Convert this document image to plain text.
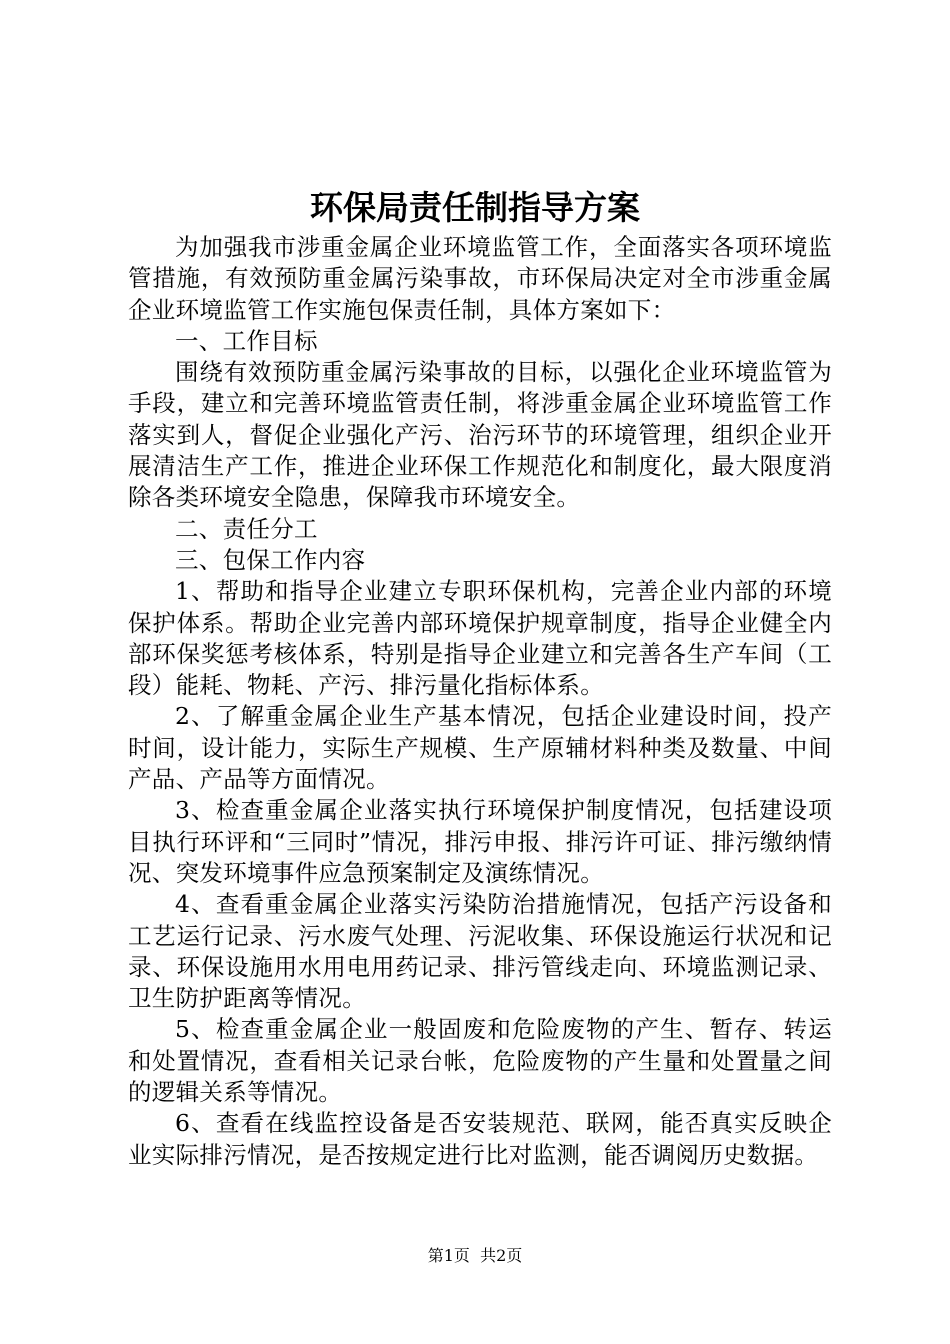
环保局责任制指导方案

为加强我市涉重金属企业环境监管工作，全面落实各项环境监管措施，有效预防重金属污染事故，市环保局决定对全市涉重金属企业环境监管工作实施包保责任制，具体方案如下：

一、工作目标

围绕有效预防重金属污染事故的目标，以强化企业环境监管为手段，建立和完善环境监管责任制，将涉重金属企业环境监管工作落实到人，督促企业强化产污、治污环节的环境管理，组织企业开展清洁生产工作，推进企业环保工作规范化和制度化，最大限度消除各类环境安全隐患，保障我市环境安全。

二、责任分工

三、包保工作内容

1、帮助和指导企业建立专职环保机构，完善企业内部的环境保护体系。帮助企业完善内部环境保护规章制度，指导企业健全内部环保奖惩考核体系，特别是指导企业建立和完善各生产车间（工段）能耗、物耗、产污、排污量化指标体系。

2、了解重金属企业生产基本情况，包括企业建设时间，投产时间，设计能力，实际生产规模、生产原辅材料种类及数量、中间产品、产品等方面情况。

3、检查重金属企业落实执行环境保护制度情况，包括建设项目执行环评和“三同时”情况，排污申报、排污许可证、排污缴纳情况、突发环境事件应急预案制定及演练情况。

4、查看重金属企业落实污染防治措施情况，包括产污设备和工艺运行记录、污水废气处理、污泥收集、环保设施运行状况和记录、环保设施用水用电用药记录、排污管线走向、环境监测记录、卫生防护距离等情况。

5、检查重金属企业一般固废和危险废物的产生、暂存、转运和处置情况，查看相关记录台帐，危险废物的产生量和处置量之间的逻辑关系等情况。

6、查看在线监控设备是否安装规范、联网，能否真实反映企业实际排污情况，是否按规定进行比对监测，能否调阅历史数据。

第1页 共2页
